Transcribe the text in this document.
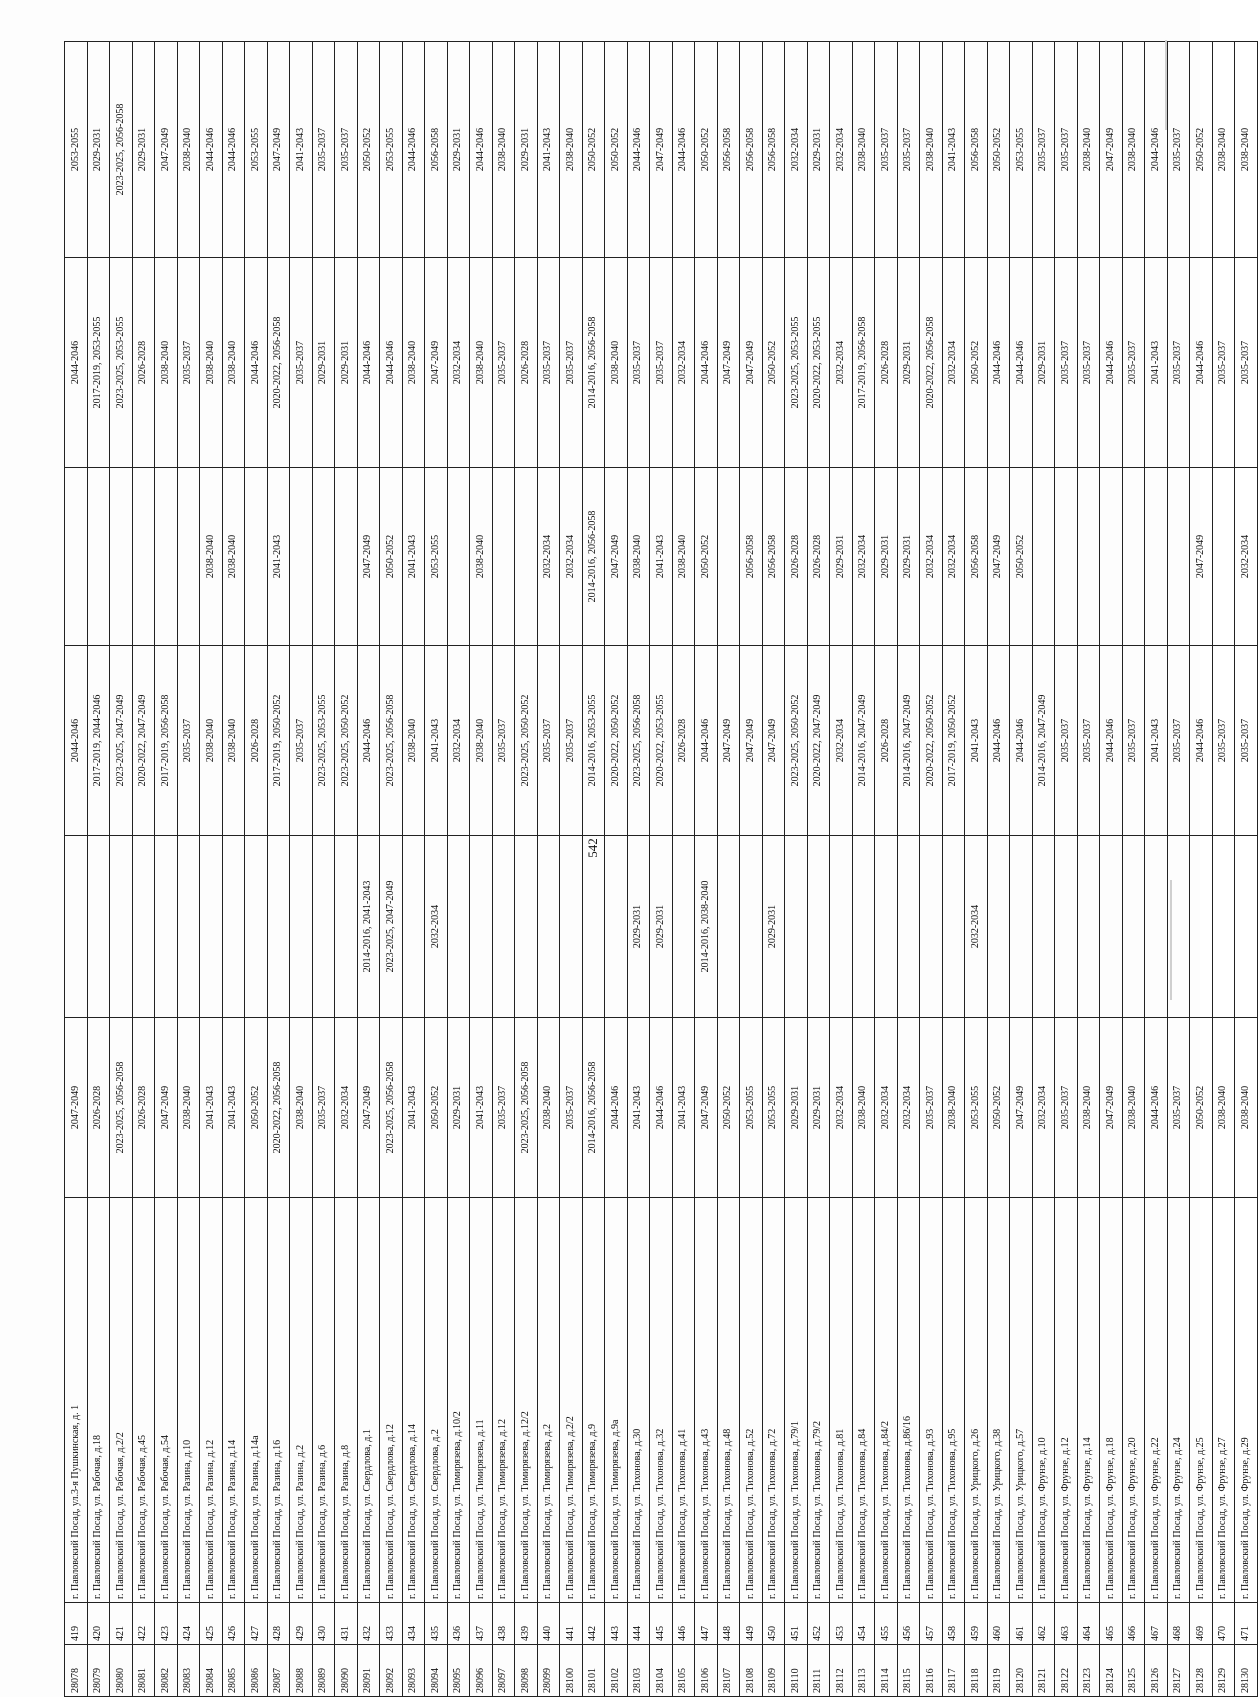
28078	419	г. Павловский Посад, ул.3-я Пушкинская, д. 1	2047-2049		2044-2046		2044-2046	2053-2055
28079	420	г. Павловский Посад, ул. Рабочая, д.18	2026-2028		2017-2019, 2044-2046		2017-2019, 2053-2055	2029-2031
28080	421	г. Павловский Посад, ул. Рабочая, д.2/2	2023-2025, 2056-2058		2023-2025, 2047-2049		2023-2025, 2053-2055	2023-2025, 2056-2058
28081	422	г. Павловский Посад, ул. Рабочая, д.45	2026-2028		2020-2022, 2047-2049		2026-2028	2029-2031
28082	423	г. Павловский Посад, ул. Рабочая, д.54	2047-2049		2017-2019, 2056-2058		2038-2040	2047-2049
28083	424	г. Павловский Посад, ул. Разина, д.10	2038-2040		2035-2037		2035-2037	2038-2040
28084	425	г. Павловский Посад, ул. Разина, д.12	2041-2043		2038-2040	2038-2040	2038-2040	2044-2046
28085	426	г. Павловский Посад, ул. Разина, д.14	2041-2043		2038-2040	2038-2040	2038-2040	2044-2046
28086	427	г. Павловский Посад, ул. Разина, д.14а	2050-2052		2026-2028		2044-2046	2053-2055
28087	428	г. Павловский Посад, ул. Разина, д.16	2020-2022, 2056-2058		2017-2019, 2050-2052	2041-2043	2020-2022, 2056-2058	2047-2049
28088	429	г. Павловский Посад, ул. Разина, д.2	2038-2040		2035-2037		2035-2037	2041-2043
28089	430	г. Павловский Посад, ул. Разина, д.6	2035-2037		2023-2025, 2053-2055		2029-2031	2035-2037
28090	431	г. Павловский Посад, ул. Разина, д.8	2032-2034		2023-2025, 2050-2052		2029-2031	2035-2037
28091	432	г. Павловский Посад, ул. Свердлова, д.1	2047-2049	2014-2016, 2041-2043	2044-2046	2047-2049	2044-2046	2050-2052
28092	433	г. Павловский Посад, ул. Свердлова, д.12	2023-2025, 2056-2058	2023-2025, 2047-2049	2023-2025, 2056-2058	2050-2052	2044-2046	2053-2055
28093	434	г. Павловский Посад, ул. Свердлова, д.14	2041-2043		2038-2040	2041-2043	2038-2040	2044-2046
28094	435	г. Павловский Посад, ул. Свердлова, д.2	2050-2052	2032-2034	2041-2043	2053-2055	2047-2049	2056-2058
28095	436	г. Павловский Посад, ул. Тимирязева, д.10/2	2029-2031		2032-2034		2032-2034	2029-2031
28096	437	г. Павловский Посад, ул. Тимирязева, д.11	2041-2043		2038-2040	2038-2040	2038-2040	2044-2046
28097	438	г. Павловский Посад, ул. Тимирязева, д.12	2035-2037		2035-2037		2035-2037	2038-2040
28098	439	г. Павловский Посад, ул. Тимирязева, д.12/2	2023-2025, 2056-2058		2023-2025, 2050-2052		2026-2028	2029-2031
28099	440	г. Павловский Посад, ул. Тимирязева, д.2	2038-2040		2035-2037	2032-2034	2035-2037	2041-2043
28100	441	г. Павловский Посад, ул. Тимирязева, д.2/2	2035-2037		2035-2037	2032-2034	2035-2037	2038-2040
28101	442	г. Павловский Посад, ул. Тимирязева, д.9	2014-2016, 2056-2058		2014-2016, 2053-2055	2014-2016, 2056-2058	2014-2016, 2056-2058	2050-2052
28102	443	г. Павловский Посад, ул. Тимирязева, д.9а	2044-2046		2020-2022, 2050-2052	2047-2049	2038-2040	2050-2052
28103	444	г. Павловский Посад, ул. Тихонова, д.30	2041-2043	2029-2031	2023-2025, 2056-2058	2038-2040	2035-2037	2044-2046
28104	445	г. Павловский Посад, ул. Тихонова, д.32	2044-2046	2029-2031	2020-2022, 2053-2055	2041-2043	2035-2037	2047-2049
28105	446	г. Павловский Посад, ул. Тихонова, д.41	2041-2043		2026-2028	2038-2040	2032-2034	2044-2046
28106	447	г. Павловский Посад, ул. Тихонова, д.43	2047-2049	2014-2016, 2038-2040	2044-2046	2050-2052	2044-2046	2050-2052
28107	448	г. Павловский Посад, ул. Тихонова, д.48	2050-2052		2047-2049		2047-2049	2056-2058
28108	449	г. Павловский Посад, ул. Тихонова, д.52	2053-2055		2047-2049	2056-2058	2047-2049	2056-2058
28109	450	г. Павловский Посад, ул. Тихонова, д.72	2053-2055	2029-2031	2047-2049	2056-2058	2050-2052	2056-2058
28110	451	г. Павловский Посад, ул. Тихонова, д.79/1	2029-2031		2023-2025, 2050-2052	2026-2028	2023-2025, 2053-2055	2032-2034
28111	452	г. Павловский Посад, ул. Тихонова, д.79/2	2029-2031		2020-2022, 2047-2049	2026-2028	2020-2022, 2053-2055	2029-2031
28112	453	г. Павловский Посад, ул. Тихонова, д.81	2032-2034		2032-2034	2029-2031	2032-2034	2032-2034
28113	454	г. Павловский Посад, ул. Тихонова, д.84	2038-2040		2014-2016, 2047-2049	2032-2034	2017-2019, 2056-2058	2038-2040
28114	455	г. Павловский Посад, ул. Тихонова, д.84/2	2032-2034		2026-2028	2029-2031	2026-2028	2035-2037
28115	456	г. Павловский Посад, ул. Тихонова, д.86/16	2032-2034		2014-2016, 2047-2049	2029-2031	2029-2031	2035-2037
28116	457	г. Павловский Посад, ул. Тихонова, д.93	2035-2037		2020-2022, 2050-2052	2032-2034	2020-2022, 2056-2058	2038-2040
28117	458	г. Павловский Посад, ул. Тихонова, д.95	2038-2040		2017-2019, 2050-2052	2032-2034	2032-2034	2041-2043
28118	459	г. Павловский Посад, ул. Урицкого, д.26	2053-2055	2032-2034	2041-2043	2056-2058	2050-2052	2056-2058
28119	460	г. Павловский Посад, ул. Урицкого, д.38	2050-2052		2044-2046	2047-2049	2044-2046	2050-2052
28120	461	г. Павловский Посад, ул. Урицкого, д.57	2047-2049		2044-2046	2050-2052	2044-2046	2053-2055
28121	462	г. Павловский Посад, ул. Фрунзе, д.10	2032-2034		2014-2016, 2047-2049		2029-2031	2035-2037
28122	463	г. Павловский Посад, ул. Фрунзе, д.12	2035-2037		2035-2037		2035-2037	2035-2037
28123	464	г. Павловский Посад, ул. Фрунзе, д.14	2038-2040		2035-2037		2035-2037	2038-2040
28124	465	г. Павловский Посад, ул. Фрунзе, д.18	2047-2049		2044-2046		2044-2046	2047-2049
28125	466	г. Павловский Посад, ул. Фрунзе, д.20	2038-2040		2035-2037		2035-2037	2038-2040
28126	467	г. Павловский Посад, ул. Фрунзе, д.22	2044-2046		2041-2043		2041-2043	2044-2046
28127	468	г. Павловский Посад, ул. Фрунзе, д.24	2035-2037		2035-2037		2035-2037	2035-2037
28128	469	г. Павловский Посад, ул. Фрунзе, д.25	2050-2052		2044-2046	2047-2049	2044-2046	2050-2052
28129	470	г. Павловский Посад, ул. Фрунзе, д.27	2038-2040		2035-2037		2035-2037	2038-2040
28130	471	г. Павловский Посад, ул. Фрунзе, д.29	2038-2040		2035-2037	2032-2034	2035-2037	2038-2040
542
